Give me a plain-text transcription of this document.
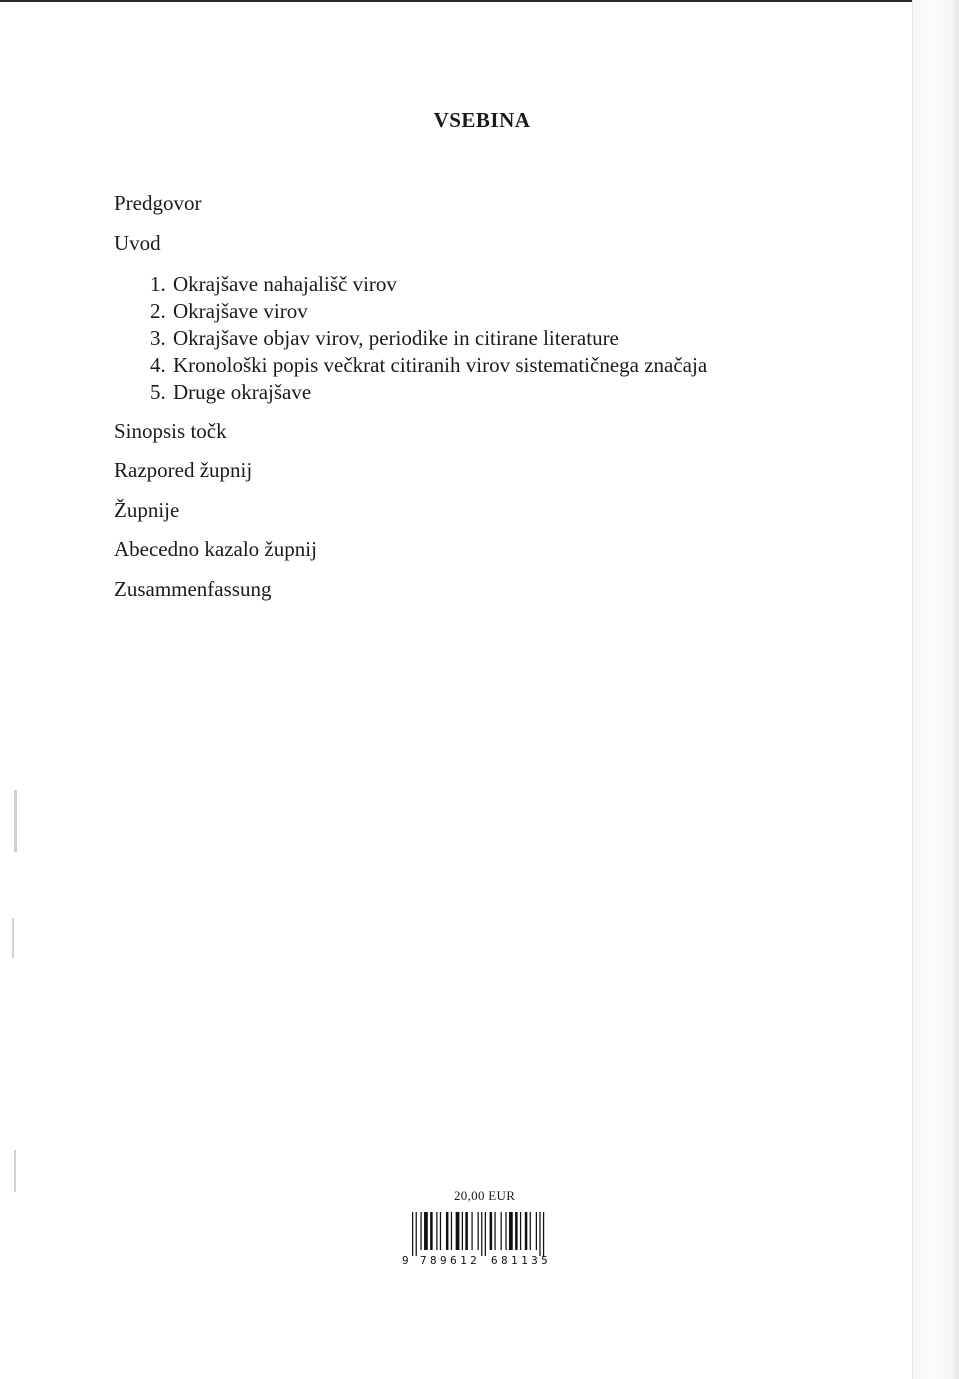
VSEBINA
Predgovor
Uvod
1. Okrajšave nahajališč virov
2. Okrajšave virov
3. Okrajšave objav virov, periodike in citirane literature
4. Kronološki popis večkrat citiranih virov sistematičnega značaja
5. Druge okrajšave
Sinopsis točk
Razpored župnij
Župnije
Abecedno kazalo župnij
Zusammenfassung
20,00 EUR
9 789612 681135
